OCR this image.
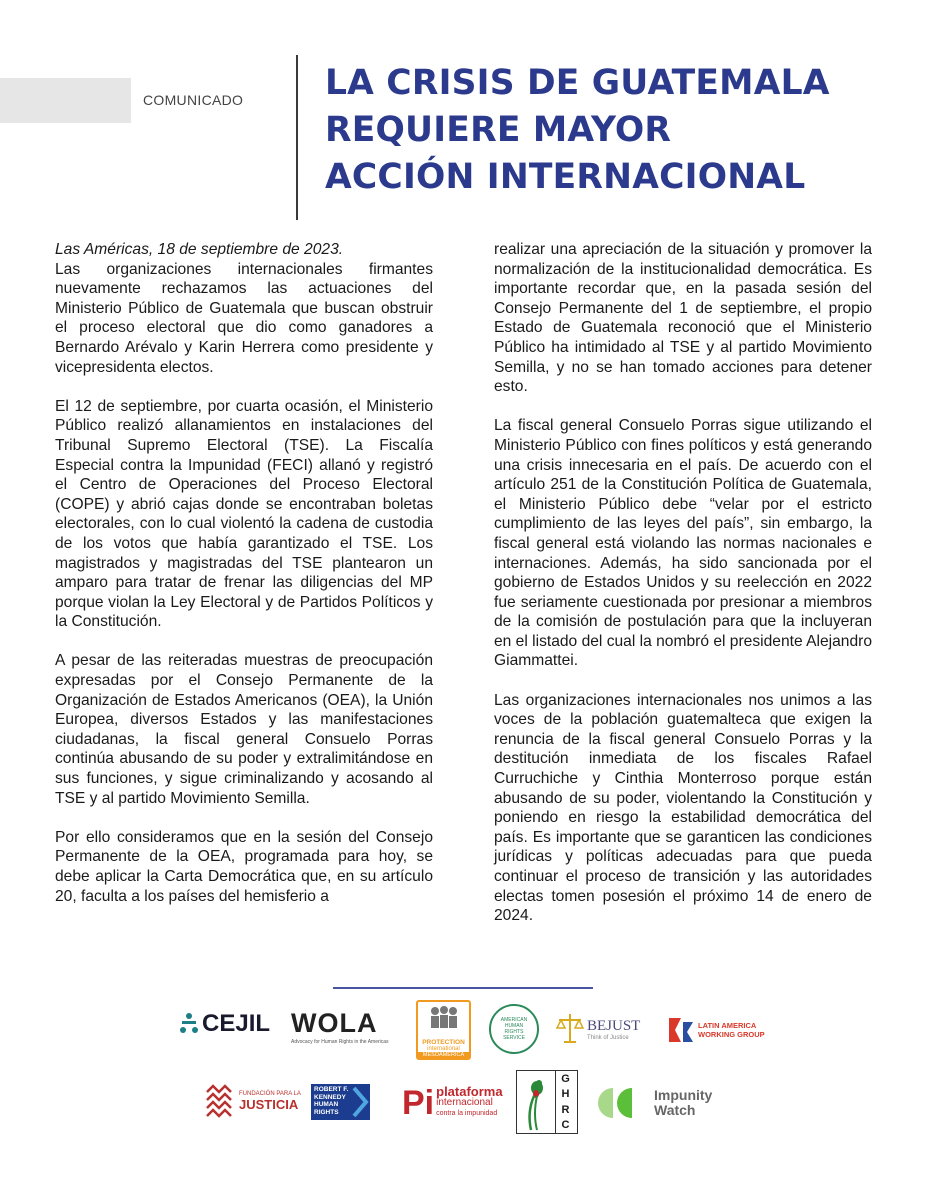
COMUNICADO LA CRISIS DE GUATEMALA
REQUIERE MAYOR
ACCIÓN INTERNACIONAL

Las Américas, 18 de septiembre de 2023.

Las organizaciones internacionales firmantes nuevamente rechazamos las actuaciones del Ministerio Público de Guatemala que buscan obstruir el proceso electoral que dio como ganadores a Bernardo Arévalo y Karin Herrera como presidente y vicepresidenta electos.

El 12 de septiembre, por cuarta ocasión, el Ministerio Público realizó allanamientos en instalaciones del Tribunal Supremo Electoral (TSE). La Fiscalía Especial contra la Impunidad (FECI) allanó y registró el Centro de Operaciones del Proceso Electoral (COPE) y abrió cajas donde se encontraban boletas electorales, con lo cual violentó la cadena de custodia de los votos que había garantizado el TSE. Los magistrados y magistradas del TSE plantearon un amparo para tratar de frenar las diligencias del MP porque violan la Ley Electoral y de Partidos Políticos y la Constitución.

A pesar de las reiteradas muestras de preocupación expresadas por el Consejo Permanente de la Organización de Estados Americanos (OEA), la Unión Europea, diversos Estados y las manifestaciones ciudadanas, la fiscal general Consuelo Porras continúa abusando de su poder y extralimitándose en sus funciones, y sigue criminalizando y acosando al TSE y al partido Movimiento Semilla.

Por ello consideramos que en la sesión del Consejo Permanente de la OEA, programada para hoy, se debe aplicar la Carta Democrática que, en su artículo 20, faculta a los países del hemisferio a

realizar una apreciación de la situación y promover la normalización de la institucionalidad democrática. Es importante recordar que, en la pasada sesión del Consejo Permanente del 1 de septiembre, el propio Estado de Guatemala reconoció que el Ministerio Público ha intimidado al TSE y al partido Movimiento Semilla, y no se han tomado acciones para detener esto.

La fiscal general Consuelo Porras sigue utilizando el Ministerio Público con fines políticos y está generando una crisis innecesaria en el país. De acuerdo con el artículo 251 de la Constitución Política de Guatemala, el Ministerio Público debe “velar por el estricto cumplimiento de las leyes del país”, sin embargo, la fiscal general está violando las normas nacionales e internaciones. Además, ha sido sancionada por el gobierno de Estados Unidos y su reelección en 2022 fue seriamente cuestionada por presionar a miembros de la comisión de postulación para que la incluyeran en el listado del cual la nombró el presidente Alejandro Giammattei.

Las organizaciones internacionales nos unimos a las voces de la población guatemalteca que exigen la renuncia de la fiscal general Consuelo Porras y la destitución inmediata de los fiscales Rafael Curruchiche y Cinthia Monterroso porque están abusando de su poder, violentando la Constitución y poniendo en riesgo la estabilidad democrática del país. Es importante que se garanticen las condiciones jurídicas y políticas adecuadas para que pueda continuar el proceso de transición y las autoridades electas tomen posesión el próximo 14 de enero de 2024.

CEJIL WOLA
Advocacy for Human Rights in the Americas	PROTECTION
international
MESOAMÉRICA
AMERICAN HUMAN RIGHTS SERVICE
BEJUST
Think of Justice
LATIN AMERICA
WORKING GROUP
FUNDACIÓN PARA LA
JUSTICIA
ROBERT F.
KENNEDY
HUMAN
RIGHTS Pi plataforma
internacional
contra la impunidad
G
H
R
C
Impunity
Watch
